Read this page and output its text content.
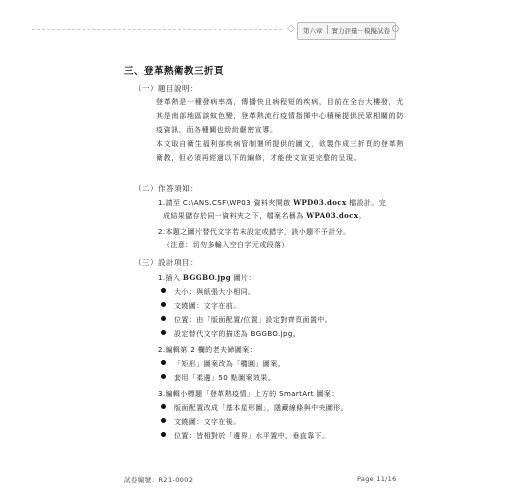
◇	第六章 實力評量－模擬試卷
三、登革熱衛教三折頁
（一）題目說明：

登革熱是一種發病率高，傳播快且病程短的疾病，目前在全台大樓發，尤其是南部地區談蚊色變，登革熱流行疫情指揮中心積極提供民眾相關的防疫資訊，而各種關也紛紛嚴密宣導。

本文取自衛生福利部疾病管制署所提供的圖文，欲製作成三折頁的登革熱衛教，但必須再經過以下的編修，才能使文宣更完整的呈現。

（二）作答須知：
1.請至 C:\ANS.CSF\WP03 資料夾開啟 WPD03.docx 檔設計。完
成結果儲存於同一資料夾之下，檔案名稱為 WPA03.docx。
2.本題之圖片替代文字若未設定或錯字，該小題不予計分。
（注意：切勿多輸入空白字元或段落）
（三）設計項目：
1.插入 BGGBO.jpg 圖片：
大小：與紙張大小相同。
文繞圖：文字在前。
位置：由「版面配置/位置」設定對齊頁面置中。
設定替代文字的描述為 BGGBO.jpg。
2.編輯第 2 欄的老夫婦圖案：
「矩形」圖案改為「橢圓」圖案。
套用「柔邊」50 點圖案效果。
3.編輯小標題「登革熱疫情」上方的 SmartArt 圖案：
版面配置改成「基本星形圖」，隱藏線條與中央圖形。
文繞圖：文字在後。
位置：皆相對於「邊界」水平置中、垂直靠下。
試卷編號：R21-0002	Page 11/16
